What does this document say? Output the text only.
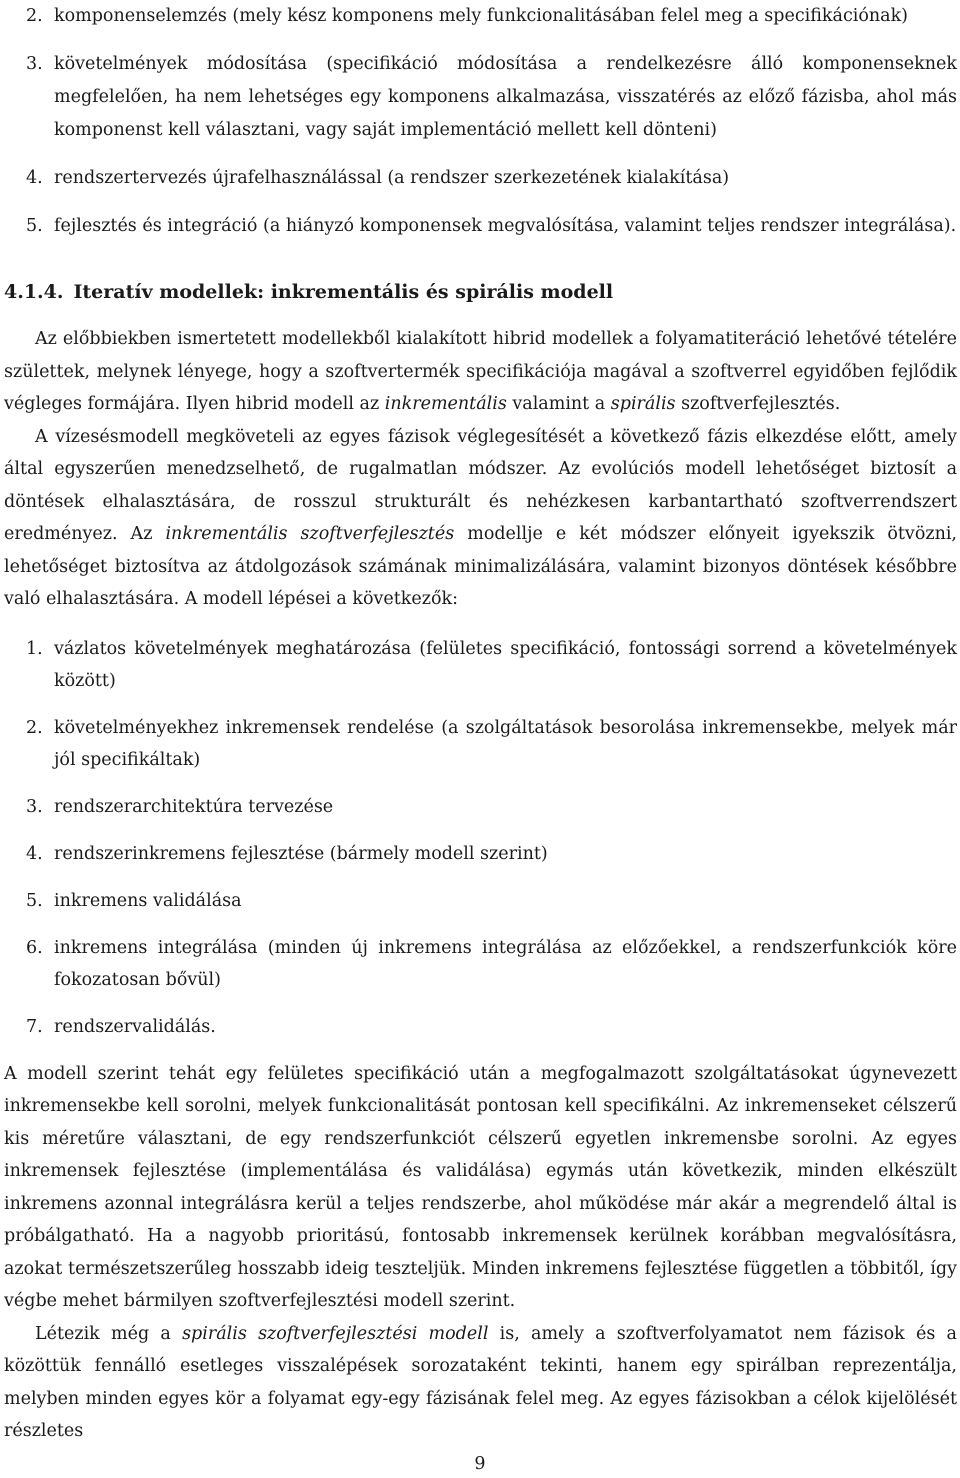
2. komponenselemzés (mely kész komponens mely funkcionalitásában felel meg a specifikációnak)
3. követelmények módosítása (specifikáció módosítása a rendelkezésre álló komponenseknek megfelelően, ha nem lehetséges egy komponens alkalmazása, visszatérés az előző fázisba, ahol más komponenst kell választani, vagy saját implementáció mellett kell dönteni)
4. rendszertervezés újrafelhasználással (a rendszer szerkezetének kialakítása)
5. fejlesztés és integráció (a hiányzó komponensek megvalósítása, valamint teljes rendszer integrálása).
4.1.4. Iteratív modellek: inkrementális és spirális modell

Az előbbiekben ismertetett modellekből kialakított hibrid modellek a folyamatiteráció lehetővé tételére születtek, melynek lényege, hogy a szoftvertermék specifikációja magával a szoftverrel egyidőben fejlődik végleges formájára. Ilyen hibrid modell az inkrementális valamint a spirális szoftverfejlesztés.

A vízesésmodell megköveteli az egyes fázisok véglegesítését a következő fázis elkezdése előtt, amely által egyszerűen menedzselhető, de rugalmatlan módszer. Az evolúciós modell lehetőséget biztosít a döntések elhalasztására, de rosszul strukturált és nehézkesen karbantartható szoftverrendszert eredményez. Az inkrementális szoftverfejlesztés modellje e két módszer előnyeit igyekszik ötvözni, lehetőséget biztosítva az átdolgozások számának minimalizálására, valamint bizonyos döntések későbbre való elhalasztására. A modell lépései a következők:

1. vázlatos követelmények meghatározása (felületes specifikáció, fontossági sorrend a követelmények között)
2. követelményekhez inkremensek rendelése (a szolgáltatások besorolása inkremensekbe, melyek már jól specifikáltak)
3. rendszerarchitektúra tervezése
4. rendszerinkremens fejlesztése (bármely modell szerint)
5. inkremens validálása
6. inkremens integrálása (minden új inkremens integrálása az előzőekkel, a rendszerfunkciók köre fokozatosan bővül)
7. rendszervalidálás.

A modell szerint tehát egy felületes specifikáció után a megfogalmazott szolgáltatásokat úgynevezett inkremensekbe kell sorolni, melyek funkcionalitását pontosan kell specifikálni. Az inkremenseket célszerű kis méretűre választani, de egy rendszerfunkciót célszerű egyetlen inkremensbe sorolni. Az egyes inkremensek fejlesztése (implementálása és validálása) egymás után következik, minden elkészült inkremens azonnal integrálásra kerül a teljes rendszerbe, ahol működése már akár a megrendelő által is próbálgatható. Ha a nagyobb prioritású, fontosabb inkremensek kerülnek korábban megvalósításra, azokat természetszerűleg hosszabb ideig teszteljük. Minden inkremens fejlesztése független a többitől, így végbe mehet bármilyen szoftverfejlesztési modell szerint.

Létezik még a spirális szoftverfejlesztési modell is, amely a szoftverfolyamatot nem fázisok és a közöttük fennálló esetleges visszalépések sorozataként tekinti, hanem egy spirálban reprezentálja, melyben minden egyes kör a folyamat egy-egy fázisának felel meg. Az egyes fázisokban a célok kijelölését részletes

9
